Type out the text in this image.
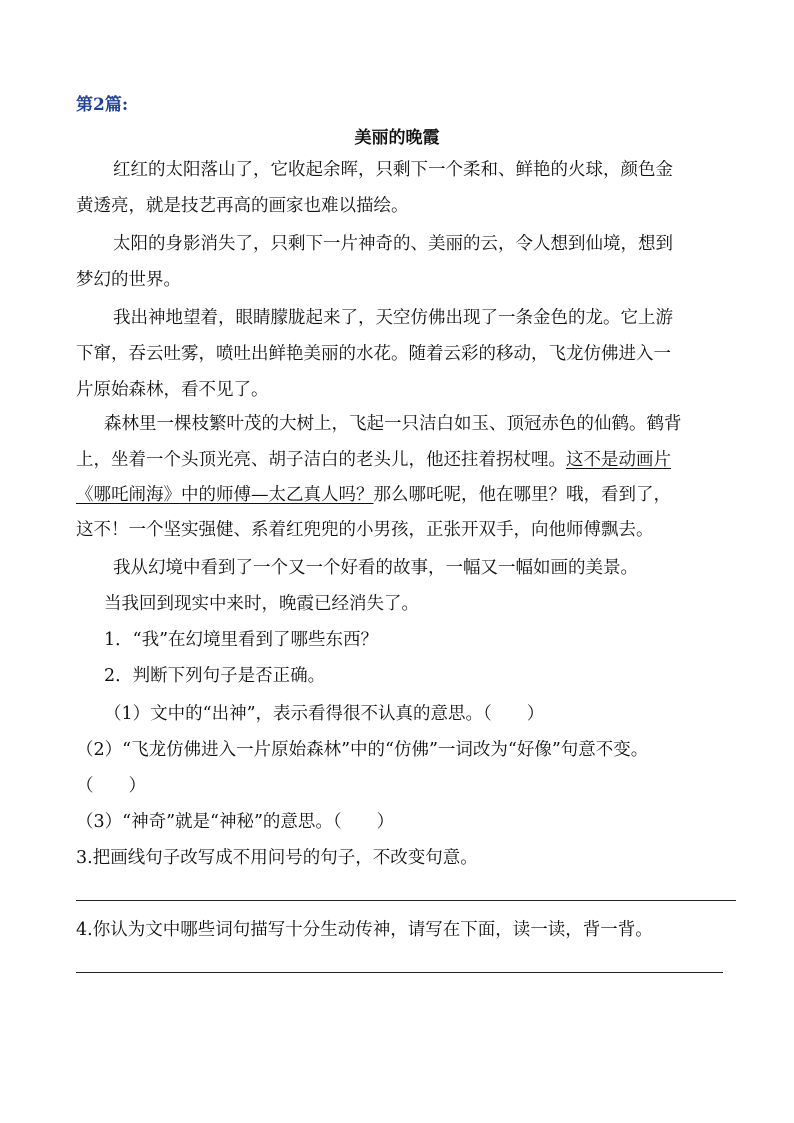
第2篇:
美丽的晚霞

红红的太阳落山了，它收起余晖，只剩下一个柔和、鲜艳的火球，颜色金

黄透亮，就是技艺再高的画家也难以描绘。

太阳的身影消失了，只剩下一片神奇的、美丽的云，令人想到仙境，想到

梦幻的世界。

我出神地望着，眼睛朦胧起来了，天空仿佛出现了一条金色的龙。它上游

下窜，吞云吐雾，喷吐出鲜艳美丽的水花。随着云彩的移动，飞龙仿佛进入一

片原始森林，看不见了。

森林里一棵枝繁叶茂的大树上，飞起一只洁白如玉、顶冠赤色的仙鹤。鹤背

上，坐着一个头顶光亮、胡子洁白的老头儿，他还拄着拐杖哩。这不是动画片

《哪吒闹海》中的师傅—太乙真人吗？那么哪吒呢，他在哪里？哦，看到了，

这不！一个坚实强健、系着红兜兜的小男孩，正张开双手，向他师傅飘去。

我从幻境中看到了一个又一个好看的故事，一幅又一幅如画的美景。

当我回到现实中来时，晚霞已经消失了。

1．“我”在幻境里看到了哪些东西？

2．判断下列句子是否正确。

（1）文中的“出神”，表示看得很不认真的意思。（　　）

（2）“飞龙仿佛进入一片原始森林”中的“仿佛”一词改为“好像”句意不变。

（　　）

（3）“神奇”就是“神秘”的意思。（　　）

3.把画线句子改写成不用问号的句子，不改变句意。

4.你认为文中哪些词句描写十分生动传神，请写在下面，读一读，背一背。
